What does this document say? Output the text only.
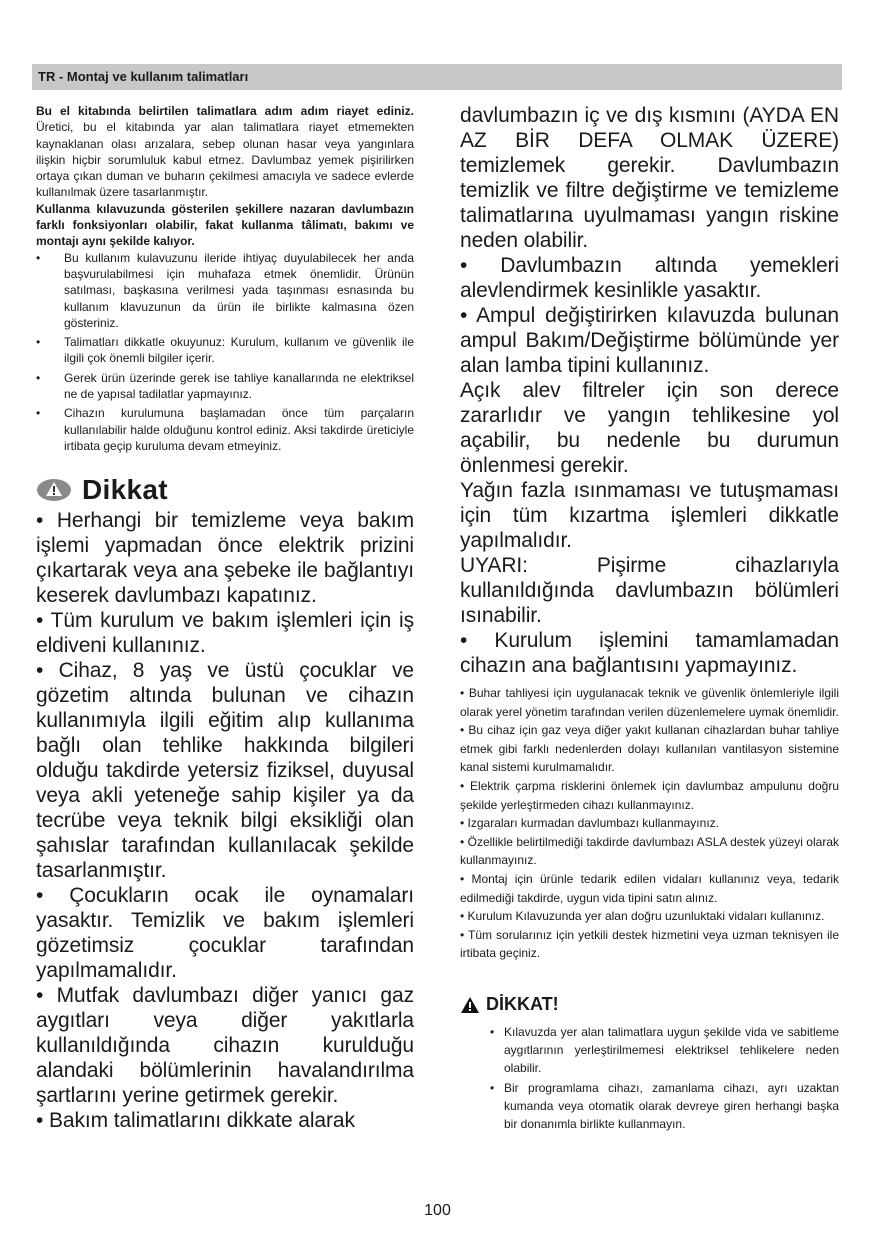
TR - Montaj ve kullanım talimatları

Bu el kitabında belirtilen talimatlara adım adım riayet ediniz. Üretici, bu el kitabında yar alan talimatlara riayet etmemekten kaynaklanan olası arızalara, sebep olunan hasar veya yangınlara ilişkin hiçbir sorumluluk kabul etmez. Davlumbaz yemek pişirilirken ortaya çıkan duman ve buharın çekilmesi amacıyla ve sadece evlerde kullanılmak üzere tasarlanmıştır.

Kullanma kılavuzunda gösterilen şekillere nazaran davlumbazın farklı fonksiyonları olabilir, fakat kullanma tâlimatı, bakımı ve montajı aynı şekilde kalıyor.

• Bu kullanım kulavuzunu ileride ihtiyaç duyulabilecek her anda başvurulabilmesi için muhafaza etmek önemlidir. Ürünün satılması, başkasına verilmesi yada taşınması esnasında bu kullanım klavuzunun da ürün ile birlikte kalmasına özen gösteriniz.
• Talimatları dikkatle okuyunuz: Kurulum, kullanım ve güvenlik ile ilgili çok önemli bilgiler içerir.
• Gerek ürün üzerinde gerek ise tahliye kanallarında ne elektriksel ne de yapısal tadilatlar yapmayınız.
• Cihazın kurulumuna başlamadan önce tüm parçaların kullanılabilir halde olduğunu kontrol ediniz. Aksi takdirde üreticiyle irtibata geçip kuruluma devam etmeyiniz.
Dikkat

• Herhangi bir temizleme veya bakım işlemi yapmadan önce elektrik prizini çıkartarak veya ana şebeke ile bağlantıyı keserek davlumbazı kapatınız.

• Tüm kurulum ve bakım işlemleri için iş eldiveni kullanınız.

• Cihaz, 8 yaş ve üstü çocuklar ve gözetim altında bulunan ve cihazın kullanımıyla ilgili eğitim alıp kullanıma bağlı olan tehlike hakkında bilgileri olduğu takdirde yetersiz fiziksel, duyusal veya akli yeteneğe sahip kişiler ya da tecrübe veya teknik bilgi eksikliği olan şahıslar tarafından kullanılacak şekilde tasarlanmıştır.

• Çocukların ocak ile oynamaları yasaktır. Temizlik ve bakım işlemleri gözetimsiz çocuklar tarafından yapılmamalıdır.

• Mutfak davlumbazı diğer yanıcı gaz aygıtları veya diğer yakıtlarla kullanıldığında cihazın kurulduğu alandaki bölümlerinin havalandırılma şartlarını yerine getirmek gerekir.

• Bakım talimatlarını dikkate alarak

davlumbazın iç ve dış kısmını (AYDA EN AZ BİR DEFA OLMAK ÜZERE) temizlemek gerekir. Davlumbazın temizlik ve filtre değiştirme ve temizleme talimatlarına uyulmaması yangın riskine neden olabilir.

• Davlumbazın altında yemekleri alevlendirmek kesinlikle yasaktır.

• Ampul değiştirirken kılavuzda bulunan ampul Bakım/Değiştirme bölümünde yer alan lamba tipini kullanınız.

Açık alev filtreler için son derece zararlıdır ve yangın tehlikesine yol açabilir, bu nedenle bu durumun önlenmesi gerekir.

Yağın fazla ısınmaması ve tutuşmaması için tüm kızartma işlemleri dikkatle yapılmalıdır.

UYARI: Pişirme cihazlarıyla kullanıldığında davlumbazın bölümleri ısınabilir.

• Kurulum işlemini tamamlamadan cihazın ana bağlantısını yapmayınız.

• Buhar tahliyesi için uygulanacak teknik ve güvenlik önlemleriyle ilgili olarak yerel yönetim tarafından verilen düzenlemelere uymak önemlidir.

• Bu cihaz için gaz veya diğer yakıt kullanan cihazlardan buhar tahliye etmek gibi farklı nedenlerden dolayı kullanılan vantilasyon sistemine kanal sistemi kurulmamalıdır.

• Elektrik çarpma risklerini önlemek için davlumbaz ampulunu doğru şekilde yerleştirmeden cihazı kullanmayınız.

• Izgaraları kurmadan davlumbazı kullanmayınız.

• Özellikle belirtilmediği takdirde davlumbazı ASLA destek yüzeyi olarak kullanmayınız.

• Montaj için ürünle tedarik edilen vidaları kullanınız veya, tedarik edilmediği takdirde, uygun vida tipini satın alınız.

• Kurulum Kılavuzunda yer alan doğru uzunluktaki vidaları kullanınız.

• Tüm sorularınız için yetkili destek hizmetini veya uzman teknisyen ile irtibata geçiniz.

DİKKAT!
• Kılavuzda yer alan talimatlara uygun şekilde vida ve sabitleme aygıtlarının yerleştirilmemesi elektriksel tehlikelere neden olabilir.
• Bir programlama cihazı, zamanlama cihazı, ayrı uzaktan kumanda veya otomatik olarak devreye giren herhangi başka bir donanımla birlikte kullanmayın.
100
